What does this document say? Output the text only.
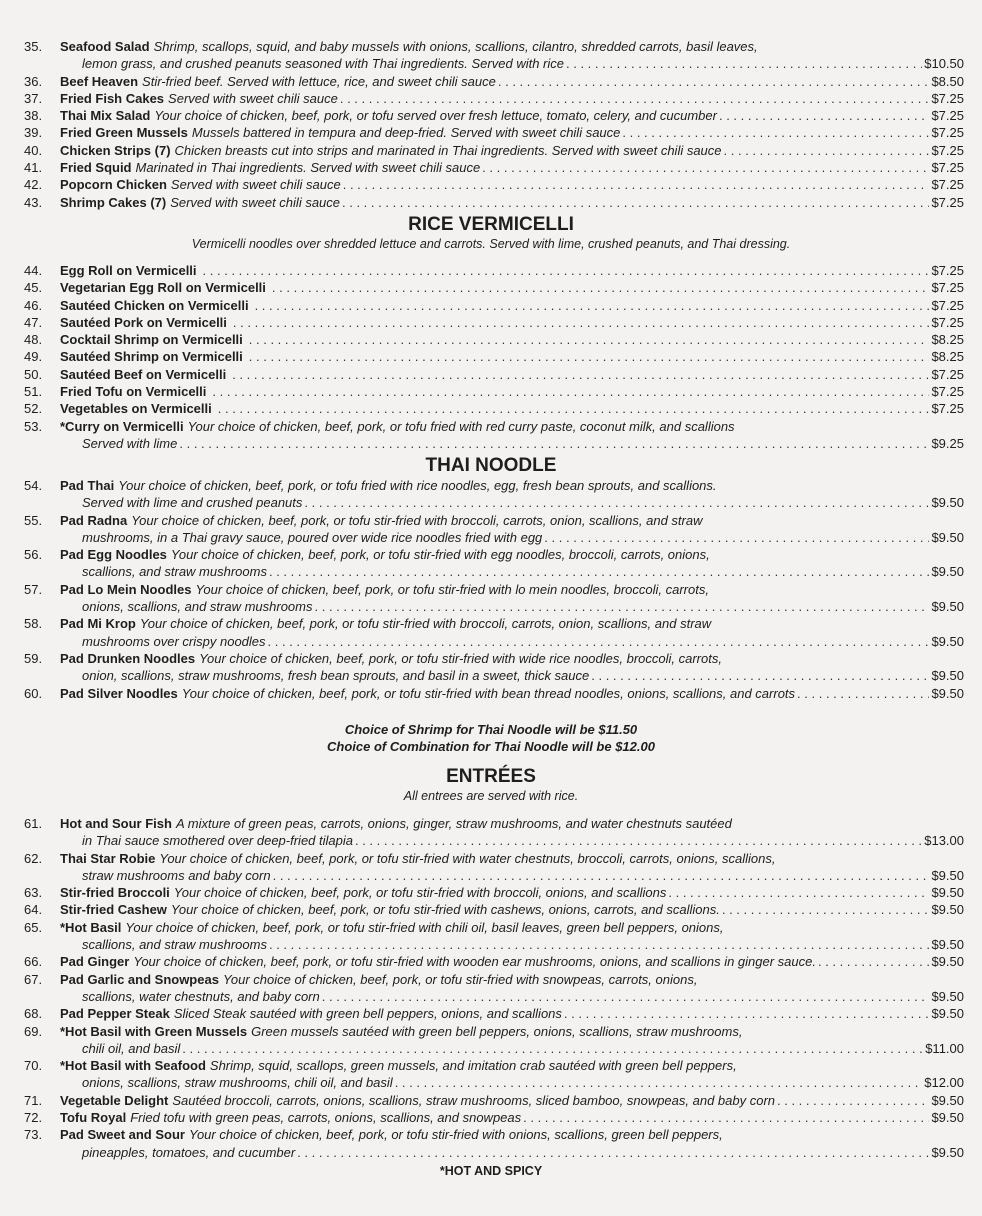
35.	Seafood Salad Shrimp, scallops, squid, and baby mussels with onions, scallions, cilantro, shredded carrots, basil leaves,
lemon grass, and crushed peanuts seasoned with Thai ingredients. Served with rice . . .	$10.50
36.	Beef Heaven Stir-fried beef. Served with lettuce, rice, and sweet chili sauce . . .	$8.50
37.	Fried Fish Cakes Served with sweet chili sauce . . .	$7.25
38.	Thai Mix Salad Your choice of chicken, beef, pork, or tofu served over fresh lettuce, tomato, celery, and cucumber . . .	$7.25
39.	Fried Green Mussels Mussels battered in tempura and deep-fried. Served with sweet chili sauce . . .	$7.25
40.	Chicken Strips (7) Chicken breasts cut into strips and marinated in Thai ingredients. Served with sweet chili sauce . . .	$7.25
41.	Fried Squid Marinated in Thai ingredients. Served with sweet chili sauce . . .	$7.25
42.	Popcorn Chicken Served with sweet chili sauce . . .	$7.25
43.	Shrimp Cakes (7) Served with sweet chili sauce . . .	$7.25
RICE VERMICELLI
Vermicelli noodles over shredded lettuce and carrots. Served with lime, crushed peanuts, and Thai dressing.
44.	Egg Roll on Vermicelli . . .	$7.25
45.	Vegetarian Egg Roll on Vermicelli . . .	$7.25
46.	Sautéed Chicken on Vermicelli . . .	$7.25
47.	Sautéed Pork on Vermicelli . . .	$7.25
48.	Cocktail Shrimp on Vermicelli . . .	$8.25
49.	Sautéed Shrimp on Vermicelli . . .	$8.25
50.	Sautéed Beef on Vermicelli . . .	$7.25
51.	Fried Tofu on Vermicelli . . .	$7.25
52.	Vegetables on Vermicelli . . .	$7.25
53.	*Curry on Vermicelli Your choice of chicken, beef, pork, or tofu fried with red curry paste, coconut milk, and scallions
Served with lime . . .	$9.25
THAI NOODLE
54.	Pad Thai Your choice of chicken, beef, pork, or tofu fried with rice noodles, egg, fresh bean sprouts, and scallions.
Served with lime and crushed peanuts . . .	$9.50
55.	Pad Radna Your choice of chicken, beef, pork, or tofu stir-fried with broccoli, carrots, onion, scallions, and straw
mushrooms, in a Thai gravy sauce, poured over wide rice noodles fried with egg . . .	$9.50
56.	Pad Egg Noodles Your choice of chicken, beef, pork, or tofu stir-fried with egg noodles, broccoli, carrots, onions,
scallions, and straw mushrooms . . .	$9.50
57.	Pad Lo Mein Noodles Your choice of chicken, beef, pork, or tofu stir-fried with lo mein noodles, broccoli, carrots,
onions, scallions, and straw mushrooms . . .	$9.50
58.	Pad Mi Krop Your choice of chicken, beef, pork, or tofu stir-fried with broccoli, carrots, onion, scallions, and straw
mushrooms over crispy noodles . . .	$9.50
59.	Pad Drunken Noodles Your choice of chicken, beef, pork, or tofu stir-fried with wide rice noodles, broccoli, carrots,
onion, scallions, straw mushrooms, fresh bean sprouts, and basil in a sweet, thick sauce . . .	$9.50
60.	Pad Silver Noodles Your choice of chicken, beef, pork, or tofu stir-fried with bean thread noodles, onions, scallions, and carrots . . .	$9.50
Choice of Shrimp for Thai Noodle will be $11.50
Choice of Combination for Thai Noodle will be $12.00
ENTRÉES
All entrees are served with rice.
61.	Hot and Sour Fish A mixture of green peas, carrots, onions, ginger, straw mushrooms, and water chestnuts sautéed
in Thai sauce smothered over deep-fried tilapia . . .	$13.00
62.	Thai Star Robie Your choice of chicken, beef, pork, or tofu stir-fried with water chestnuts, broccoli, carrots, onions, scallions,
straw mushrooms and baby corn . . .	$9.50
63.	Stir-fried Broccoli Your choice of chicken, beef, pork, or tofu stir-fried with broccoli, onions, and scallions . . .	$9.50
64.	Stir-fried Cashew Your choice of chicken, beef, pork, or tofu stir-fried with cashews, onions, carrots, and scallions. . . .	$9.50
65.	*Hot Basil Your choice of chicken, beef, pork, or tofu stir-fried with chili oil, basil leaves, green bell peppers, onions,
scallions, and straw mushrooms . . .	$9.50
66.	Pad Ginger Your choice of chicken, beef, pork, or tofu stir-fried with wooden ear mushrooms, onions, and scallions in ginger sauce. . . .	$9.50
67.	Pad Garlic and Snowpeas Your choice of chicken, beef, pork, or tofu stir-fried with snowpeas, carrots, onions,
scallions, water chestnuts, and baby corn . . .	$9.50
68.	Pad Pepper Steak Sliced Steak sautéed with green bell peppers, onions, and scallions . . .	$9.50
69.	*Hot Basil with Green Mussels Green mussels sautéed with green bell peppers, onions, scallions, straw mushrooms,
chili oil, and basil . . .	$11.00
70.	*Hot Basil with Seafood Shrimp, squid, scallops, green mussels, and imitation crab sautéed with green bell peppers,
onions, scallions, straw mushrooms, chili oil, and basil . . .	$12.00
71.	Vegetable Delight Sautéed broccoli, carrots, onions, scallions, straw mushrooms, sliced bamboo, snowpeas, and baby corn . . .	$9.50
72.	Tofu Royal Fried tofu with green peas, carrots, onions, scallions, and snowpeas . . .	$9.50
73.	Pad Sweet and Sour Your choice of chicken, beef, pork, or tofu stir-fried with onions, scallions, green bell peppers,
pineapples, tomatoes, and cucumber . . .	$9.50
*HOT AND SPICY
